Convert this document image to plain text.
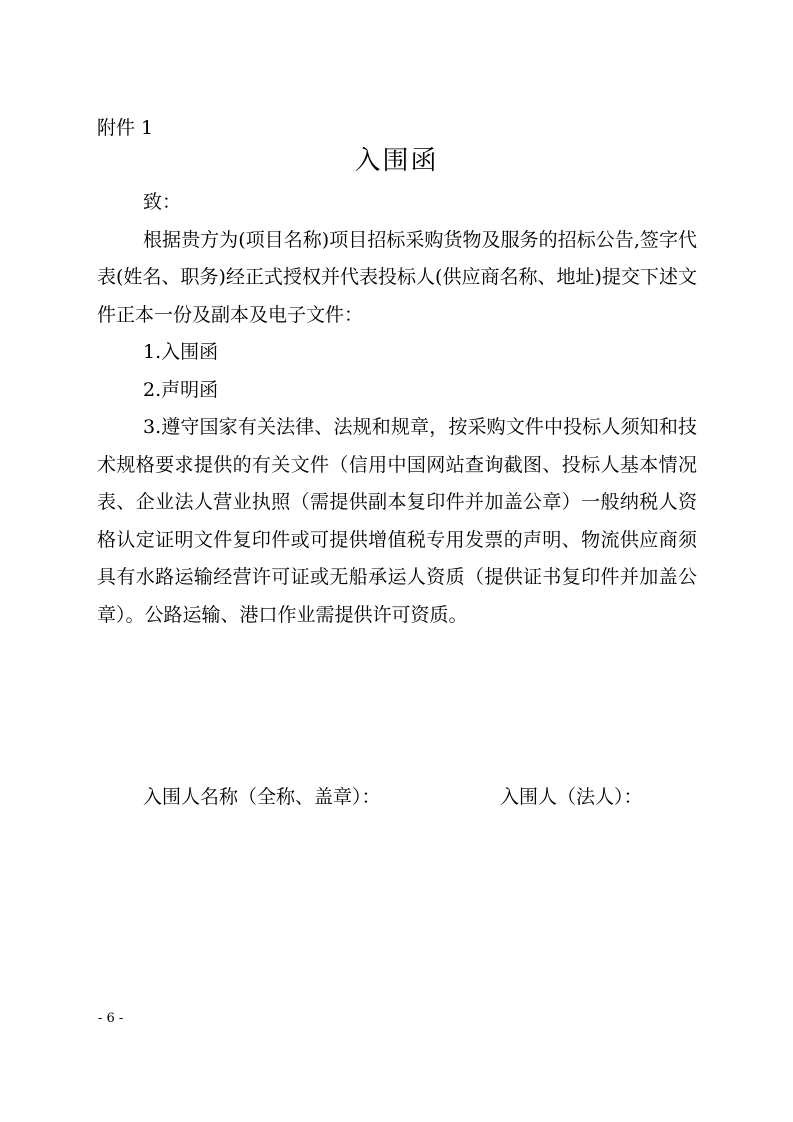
附件 1
入围函

致：

根据贵方为(项目名称)项目招标采购货物及服务的招标公告,签字代表(姓名、职务)经正式授权并代表投标人(供应商名称、地址)提交下述文件正本一份及副本及电子文件：

1.入围函

2.声明函

3.遵守国家有关法律、法规和规章，按采购文件中投标人须知和技术规格要求提供的有关文件（信用中国网站查询截图、投标人基本情况表、企业法人营业执照（需提供副本复印件并加盖公章）一般纳税人资格认定证明文件复印件或可提供增值税专用发票的声明、物流供应商须具有水路运输经营许可证或无船承运人资质（提供证书复印件并加盖公章）。公路运输、港口作业需提供许可资质。

入围人名称（全称、盖章）：	入围人（法人）：
- 6 -
